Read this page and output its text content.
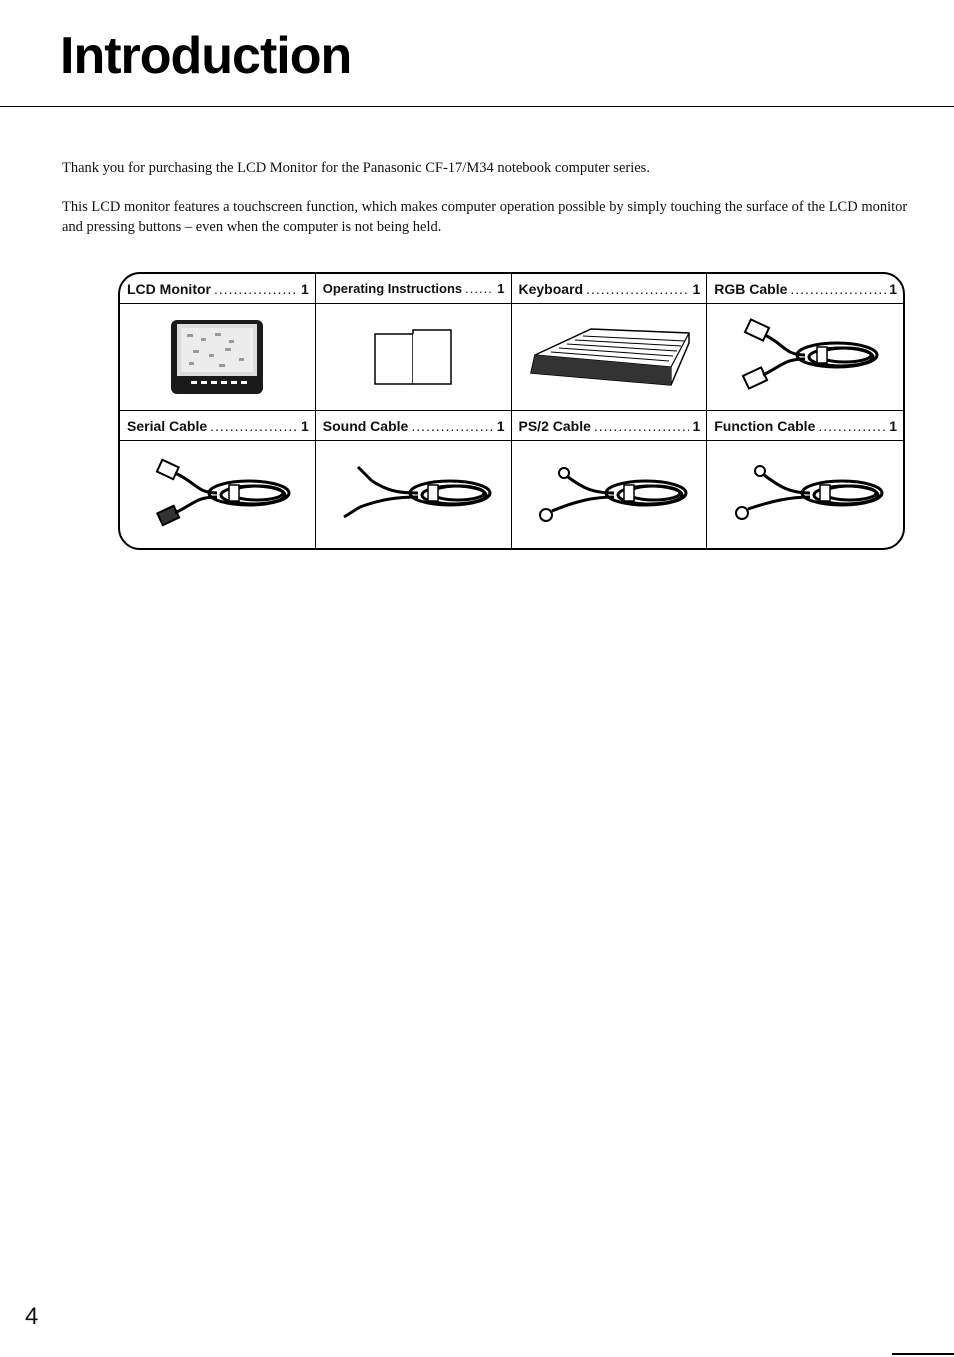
Introduction

Thank you for purchasing the LCD Monitor for the Panasonic CF-17/M34 notebook computer series.

This LCD monitor features a touchscreen function, which makes computer operation possible by simply touching the surface of the LCD monitor and pressing buttons – even when the computer is not being held.

LCD Monitor .....	1 Operating Instructions .....	1 Keyboard .....	1 RGB Cable .....	1
Serial Cable .....	1 Sound Cable .....	1 PS/2 Cable .....	1 Function Cable .....	1
4
